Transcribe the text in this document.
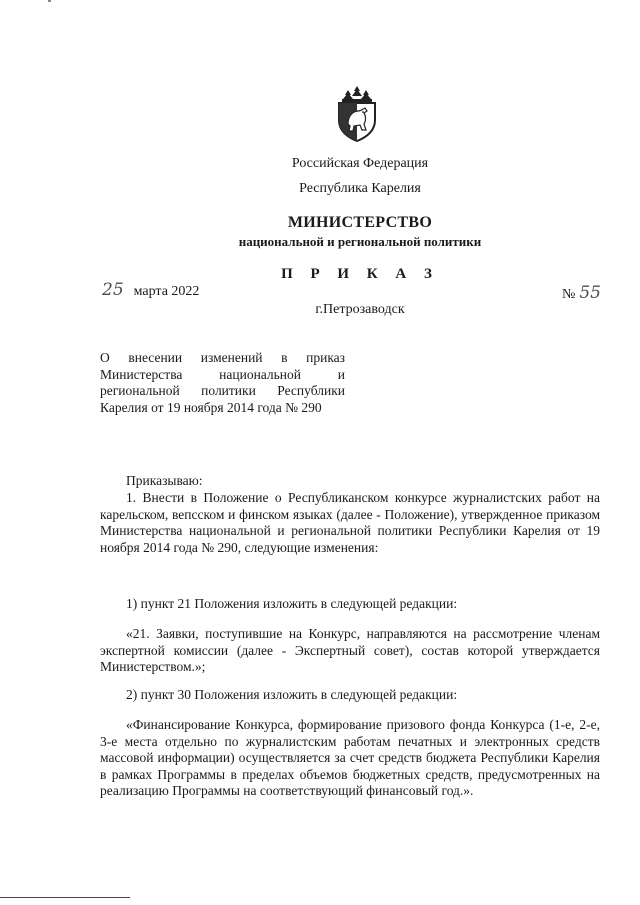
Российская Федерация
Республика Карелия
МИНИСТЕРСТВО
национальной и региональной политики
П Р И К А З
25 марта 2022	№ 55
г.Петрозаводск
О внесении изменений в приказ Министерства национальной и региональной политики Республики Карелия от 19 ноября 2014 года № 290
Приказываю:
1. Внести в Положение о Республиканском конкурсе журналистских работ на карельском, вепсском и финском языках (далее - Положение), утвержденное приказом Министерства национальной и региональной политики Республики Карелия от 19 ноября 2014 года № 290, следующие изменения:
1) пункт 21 Положения изложить в следующей редакции:
«21. Заявки, поступившие на Конкурс, направляются на рассмотрение членам экспертной комиссии (далее - Экспертный совет), состав которой утверждается Министерством.»;
2) пункт 30 Положения изложить в следующей редакции:
«Финансирование Конкурса, формирование призового фонда Конкурса (1-е, 2-е, 3-е места отдельно по журналистским работам печатных и электронных средств массовой информации) осуществляется за счет средств бюджета Республики Карелия в рамках Программы в пределах объемов бюджетных средств, предусмотренных на реализацию Программы на соответствующий финансовый год.».
